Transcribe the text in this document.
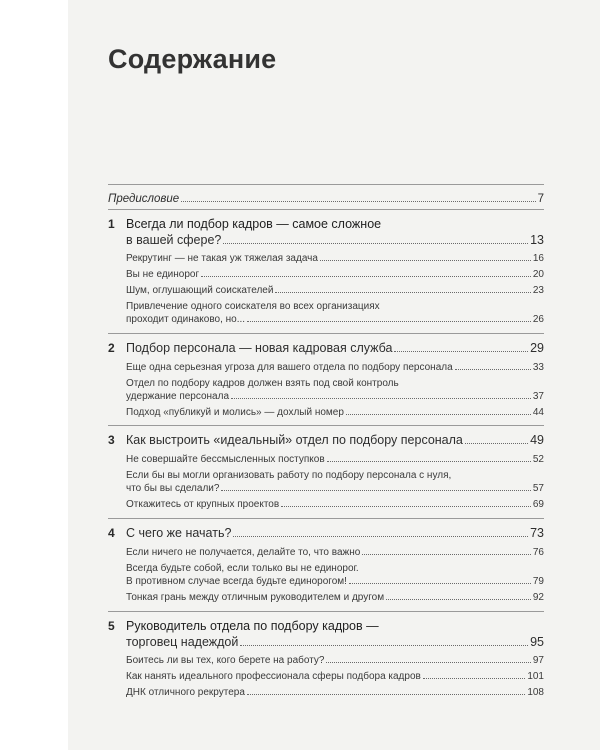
Содержание
Предисловие	7
1 Всегда ли подбор кадров — самое сложное
в вашей сфере?	13
Рекрутинг — не такая уж тяжелая задача	16
Вы не единорог	20
Шум, оглушающий соискателей	23
Привлечение одного соискателя во всех организациях
проходит одинаково, но...	26
2 Подбор персонала — новая кадровая служба	29
Еще одна серьезная угроза для вашего отдела по подбору персонала	33
Отдел по подбору кадров должен взять под свой контроль
удержание персонала	37
Подход «публикуй и молись» — дохлый номер	44
3 Как выстроить «идеальный» отдел по подбору персонала	49
Не совершайте бессмысленных поступков	52
Если бы вы могли организовать работу по подбору персонала с нуля,
что бы вы сделали?	57
Откажитесь от крупных проектов	69
4 С чего же начать?	73
Если ничего не получается, делайте то, что важно	76
Всегда будьте собой, если только вы не единорог.
В противном случае всегда будьте единорогом!	79
Тонкая грань между отличным руководителем и другом	92
5 Руководитель отдела по подбору кадров —
торговец надеждой	95
Боитесь ли вы тех, кого берете на работу?	97
Как нанять идеального профессионала сферы подбора кадров	101
ДНК отличного рекрутера	108
